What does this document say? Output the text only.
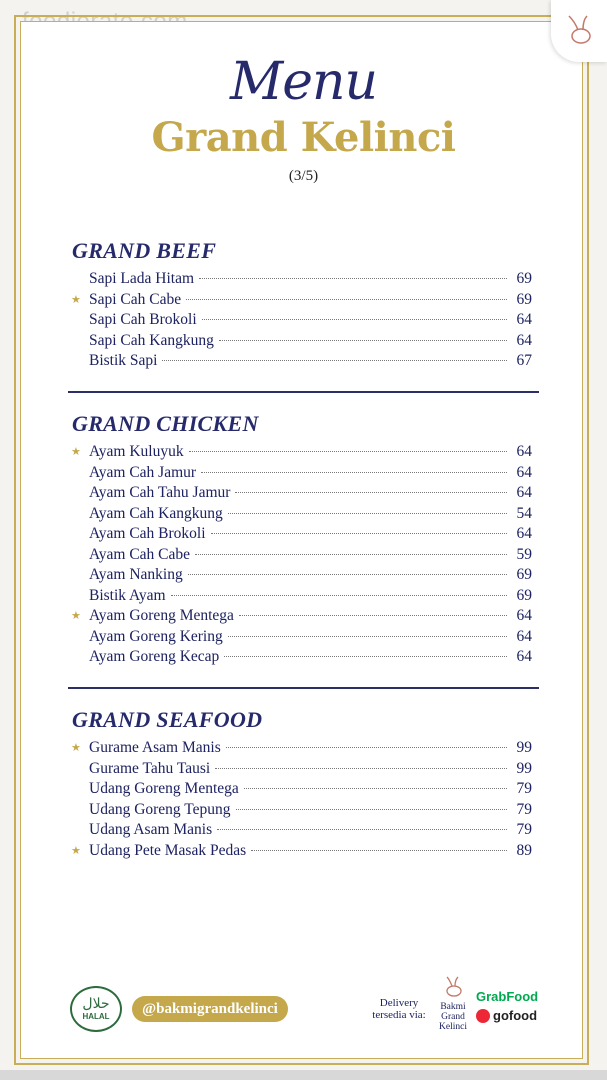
Menu
Grand Kelinci
(3/5)
GRAND BEEF
Sapi Lada Hitam	69
★ Sapi Cah Cabe	69
Sapi Cah Brokoli	64
Sapi Cah Kangkung	64
Bistik Sapi	67
GRAND CHICKEN
★ Ayam Kuluyuk	64
Ayam Cah Jamur	64
Ayam Cah Tahu Jamur	64
Ayam Cah Kangkung	54
Ayam Cah Brokoli	64
Ayam Cah Cabe	59
Ayam Nanking	69
Bistik Ayam	69
★ Ayam Goreng Mentega	64
Ayam Goreng Kering	64
Ayam Goreng Kecap	64
GRAND SEAFOOD
★ Gurame Asam Manis	99
Gurame Tahu Tausi	99
Udang Goreng Mentega	79
Udang Goreng Tepung	79
Udang Asam Manis	79
★ Udang Pete Masak Pedas	89
حلال
HALAL	@bakmigrandkelinci	Delivery tersedia via:
Bakmi Grand Kelinci
GrabFood
gofood
